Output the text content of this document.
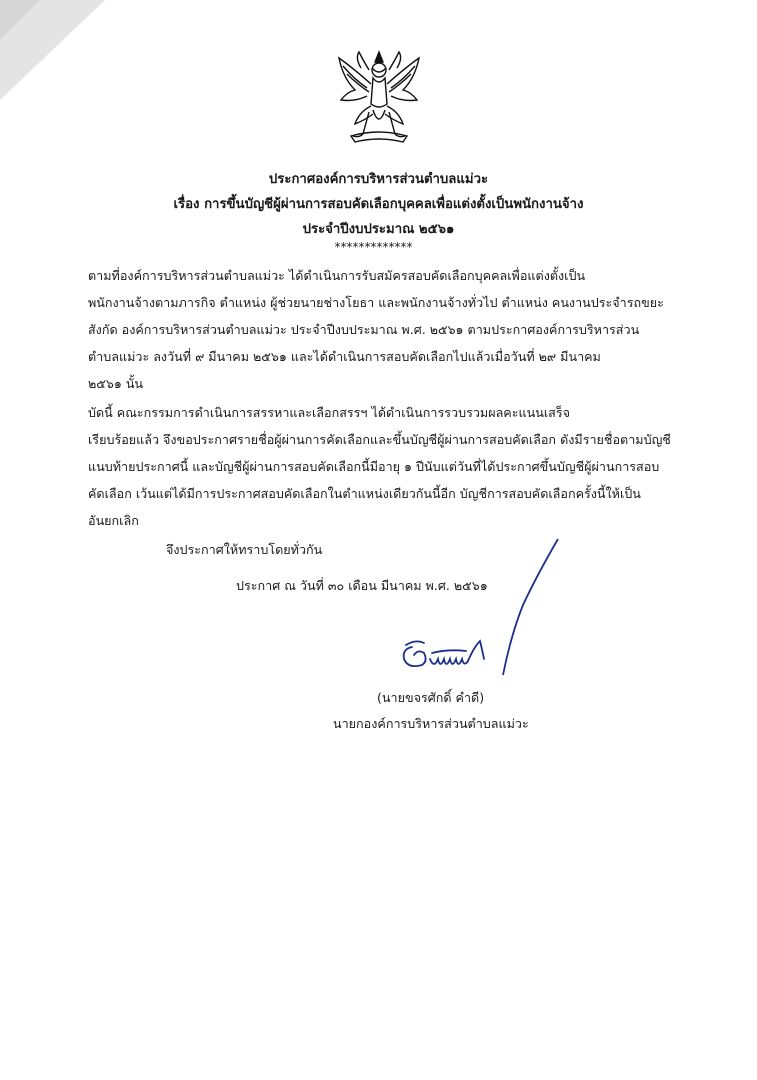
ประกาศองค์การบริหารส่วนตำบลแม่วะ
เรื่อง การขึ้นบัญชีผู้ผ่านการสอบคัดเลือกบุคคลเพื่อแต่งตั้งเป็นพนักงานจ้าง
ประจำปีงบประมาณ ๒๕๖๑
*************
ตามที่องค์การบริหารส่วนตำบลแม่วะ ได้ดำเนินการรับสมัครสอบคัดเลือกบุคคลเพื่อแต่งตั้งเป็น
พนักงานจ้างตามภารกิจ ตำแหน่ง ผู้ช่วยนายช่างโยธา และพนักงานจ้างทั่วไป ตำแหน่ง คนงานประจำรถขยะ
สังกัด องค์การบริหารส่วนตำบลแม่วะ ประจำปีงบประมาณ พ.ศ. ๒๕๖๑ ตามประกาศองค์การบริหารส่วน
ตำบลแม่วะ ลงวันที่ ๙ มีนาคม ๒๕๖๑ และได้ดำเนินการสอบคัดเลือกไปแล้วเมื่อวันที่ ๒๙ มีนาคม
๒๕๖๑ นั้น
บัดนี้ คณะกรรมการดำเนินการสรรหาและเลือกสรรฯ ได้ดำเนินการรวบรวมผลคะแนนเสร็จ
เรียบร้อยแล้ว จึงขอประกาศรายชื่อผู้ผ่านการคัดเลือกและขึ้นบัญชีผู้ผ่านการสอบคัดเลือก ดังมีรายชื่อตามบัญชี
แนบท้ายประกาศนี้ และบัญชีผู้ผ่านการสอบคัดเลือกนี้มีอายุ ๑ ปีนับแต่วันที่ได้ประกาศขึ้นบัญชีผู้ผ่านการสอบ
คัดเลือก เว้นแต่ได้มีการประกาศสอบคัดเลือกในตำแหน่งเดียวกันนี้อีก บัญชีการสอบคัดเลือกครั้งนี้ให้เป็น
อันยกเลิก
จึงประกาศให้ทราบโดยทั่วกัน
ประกาศ ณ วันที่ ๓๐ เดือน มีนาคม พ.ศ. ๒๕๖๑
(นายขจรศักดิ์ คำดี)
นายกองค์การบริหารส่วนตำบลแม่วะ
